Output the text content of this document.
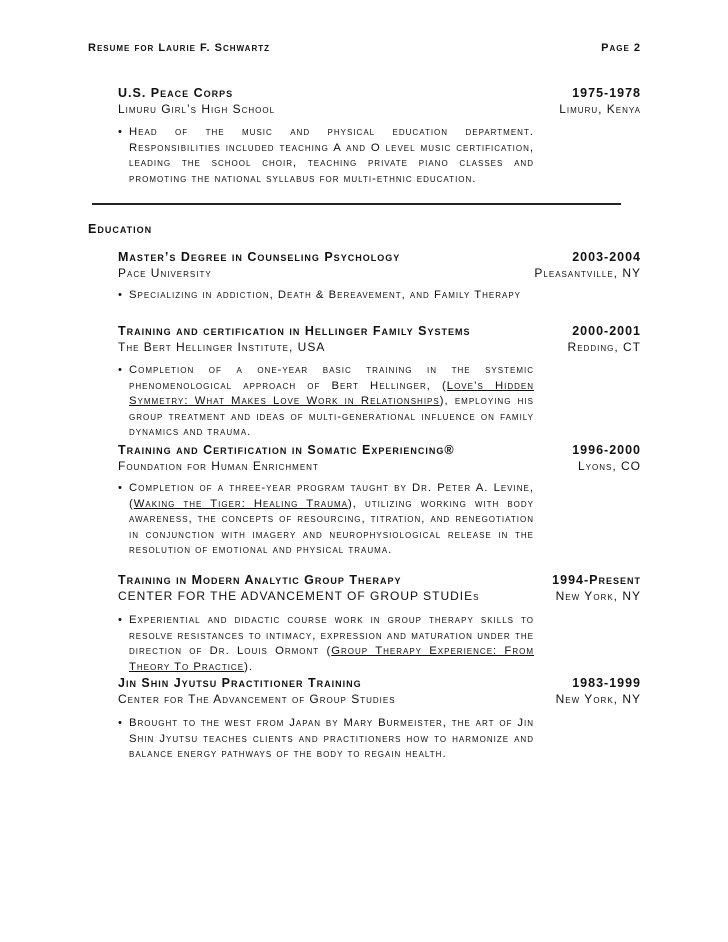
Resume for Laurie F. Schwartz	Page 2
U.S. Peace Corps	1975-1978
Limuru Girl’s High School	Limuru, Kenya
• Head of the music and physical education department. Responsibilities included teaching A and O level music certification, leading the school choir, teaching private piano classes and promoting the national syllabus for multi-ethnic education.
Education
Master’s Degree in Counseling Psychology	2003-2004
Pace University	Pleasantville, NY
• Specializing in addiction, Death & Bereavement, and Family Therapy
Training and certification in Hellinger Family Systems	2000-2001
The Bert Hellinger Institute, USA	Redding, CT
• Completion of a one-year basic training in the systemic phenomenological approach of Bert Hellinger, (Love’s Hidden Symmetry: What Makes Love Work in Relationships), employing his group treatment and ideas of multi-generational influence on family dynamics and trauma.
Training and Certification in Somatic Experiencing®	1996-2000
Foundation for Human Enrichment	Lyons, CO
• Completion of a three-year program taught by Dr. Peter A. Levine, (Waking the Tiger: Healing Trauma), utilizing working with body awareness, the concepts of resourcing, titration, and renegotiation in conjunction with imagery and neurophysiological release in the resolution of emotional and physical trauma.
Training in Modern Analytic Group Therapy	1994-Present
CENTER FOR THE ADVANCEMENT OF GROUP STUDIEs	New York, NY
• Experiential and didactic course work in group therapy skills to resolve resistances to intimacy, expression and maturation under the direction of Dr. Louis Ormont (Group Therapy Experience: From Theory To Practice).
Jin Shin Jyutsu Practitioner Training	1983-1999
Center for The Advancement of Group Studies	New York, NY
• Brought to the west from Japan by Mary Burmeister, the art of Jin Shin Jyutsu teaches clients and practitioners how to harmonize and balance energy pathways of the body to regain health.
